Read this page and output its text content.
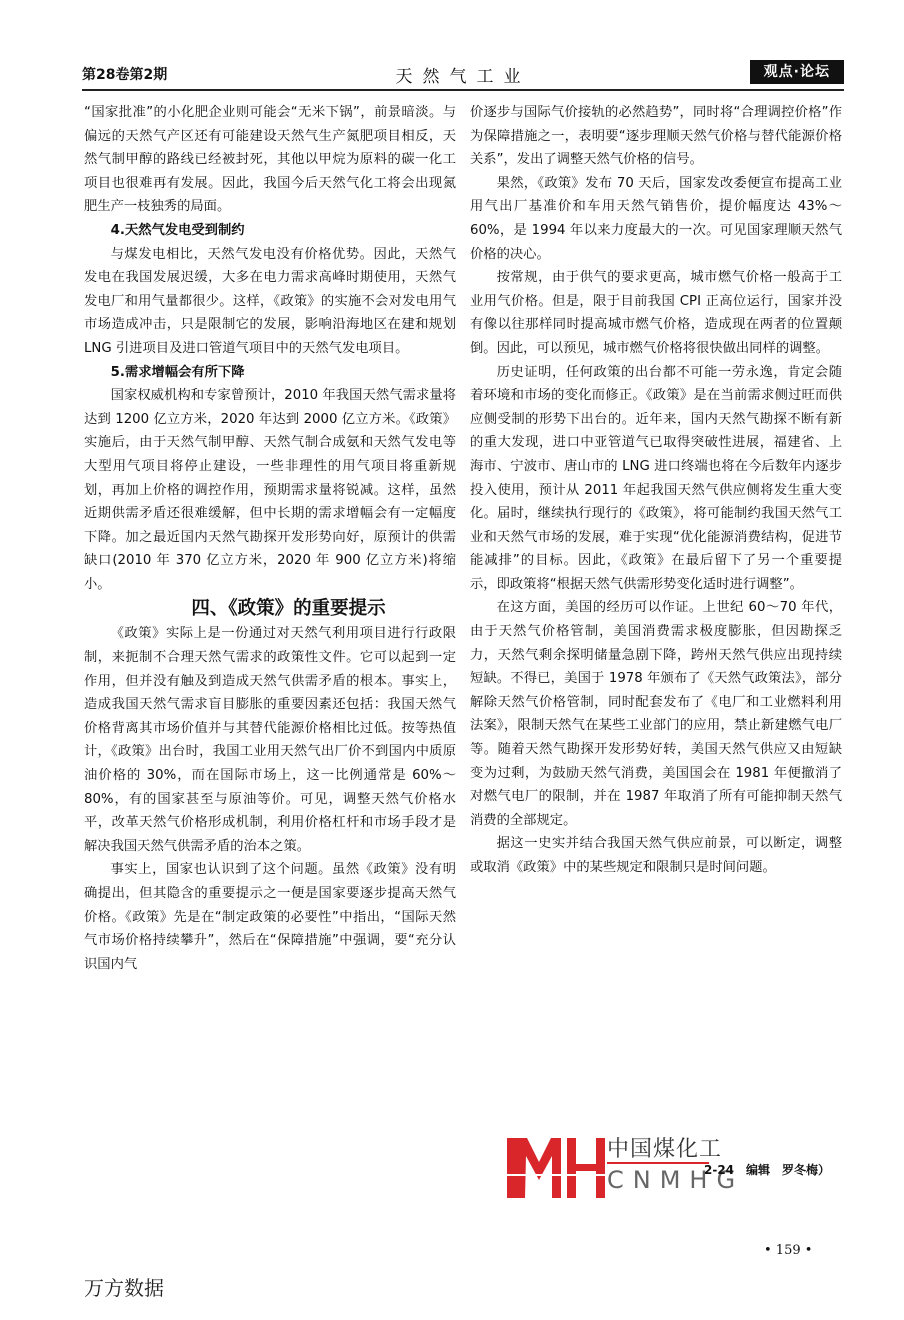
第28卷第2期	天然气工业	观点·论坛

“国家批准”的小化肥企业则可能会“无米下锅”，前景暗淡。与偏远的天然气产区还有可能建设天然气生产氮肥项目相反，天然气制甲醇的路线已经被封死，其他以甲烷为原料的碳一化工项目也很难再有发展。因此，我国今后天然气化工将会出现氮肥生产一枝独秀的局面。

4.天然气发电受到制约

与煤发电相比，天然气发电没有价格优势。因此，天然气发电在我国发展迟缓，大多在电力需求高峰时期使用，天然气发电厂和用气量都很少。这样，《政策》的实施不会对发电用气市场造成冲击，只是限制它的发展，影响沿海地区在建和规划 LNG 引进项目及进口管道气项目中的天然气发电项目。

5.需求增幅会有所下降

国家权威机构和专家曾预计，2010 年我国天然气需求量将达到 1200 亿立方米，2020 年达到 2000 亿立方米。《政策》实施后，由于天然气制甲醇、天然气制合成氨和天然气发电等大型用气项目将停止建设，一些非理性的用气项目将重新规划，再加上价格的调控作用，预期需求量将锐减。这样，虽然近期供需矛盾还很难缓解，但中长期的需求增幅会有一定幅度下降。加之最近国内天然气勘探开发形势向好，原预计的供需缺口(2010 年 370 亿立方米，2020 年 900 亿立方米)将缩小。

四、《政策》的重要提示

《政策》实际上是一份通过对天然气利用项目进行行政限制，来扼制不合理天然气需求的政策性文件。它可以起到一定作用，但并没有触及到造成天然气供需矛盾的根本。事实上，造成我国天然气需求盲目膨胀的重要因素还包括：我国天然气价格背离其市场价值并与其替代能源价格相比过低。按等热值计，《政策》出台时，我国工业用天然气出厂价不到国内中质原油价格的 30%，而在国际市场上，这一比例通常是 60%～80%，有的国家甚至与原油等价。可见，调整天然气价格水平，改革天然气价格形成机制，利用价格杠杆和市场手段才是解决我国天然气供需矛盾的治本之策。

事实上，国家也认识到了这个问题。虽然《政策》没有明确提出，但其隐含的重要提示之一便是国家要逐步提高天然气价格。《政策》先是在“制定政策的必要性”中指出，“国际天然气市场价格持续攀升”，然后在“保障措施”中强调，要“充分认识国内气

价逐步与国际气价接轨的必然趋势”，同时将“合理调控价格”作为保障措施之一，表明要“逐步理顺天然气价格与替代能源价格关系”，发出了调整天然气价格的信号。

果然，《政策》发布 70 天后，国家发改委便宣布提高工业用气出厂基准价和车用天然气销售价，提价幅度达 43%～60%，是 1994 年以来力度最大的一次。可见国家理顺天然气价格的决心。

按常规，由于供气的要求更高，城市燃气价格一般高于工业用气价格。但是，限于目前我国 CPI 正高位运行，国家并没有像以往那样同时提高城市燃气价格，造成现在两者的位置颠倒。因此，可以预见，城市燃气价格将很快做出同样的调整。

历史证明，任何政策的出台都不可能一劳永逸，肯定会随着环境和市场的变化而修正。《政策》是在当前需求侧过旺而供应侧受制的形势下出台的。近年来，国内天然气勘探不断有新的重大发现，进口中亚管道气已取得突破性进展，福建省、上海市、宁波市、唐山市的 LNG 进口终端也将在今后数年内逐步投入使用，预计从 2011 年起我国天然气供应侧将发生重大变化。届时，继续执行现行的《政策》，将可能制约我国天然气工业和天然气市场的发展，难于实现“优化能源消费结构，促进节能减排”的目标。因此，《政策》在最后留下了另一个重要提示，即政策将“根据天然气供需形势变化适时进行调整”。

在这方面，美国的经历可以作证。上世纪 60～70 年代，由于天然气价格管制，美国消费需求极度膨胀，但因勘探乏力，天然气剩余探明储量急剧下降，跨州天然气供应出现持续短缺。不得已，美国于 1978 年颁布了《天然气政策法》，部分解除天然气价格管制，同时配套发布了《电厂和工业燃料利用法案》，限制天然气在某些工业部门的应用，禁止新建燃气电厂等。随着天然气勘探开发形势好转，美国天然气供应又由短缺变为过剩，为鼓励天然气消费，美国国会在 1981 年便撤消了对燃气电厂的限制，并在 1987 年取消了所有可能抑制天然气消费的全部规定。

据这一史实并结合我国天然气供应前景，可以断定，调整或取消《政策》中的某些规定和限制只是时间问题。

中国煤化工
CNMHG
2-24　编辑　罗冬梅）
• 159 •
万方数据
